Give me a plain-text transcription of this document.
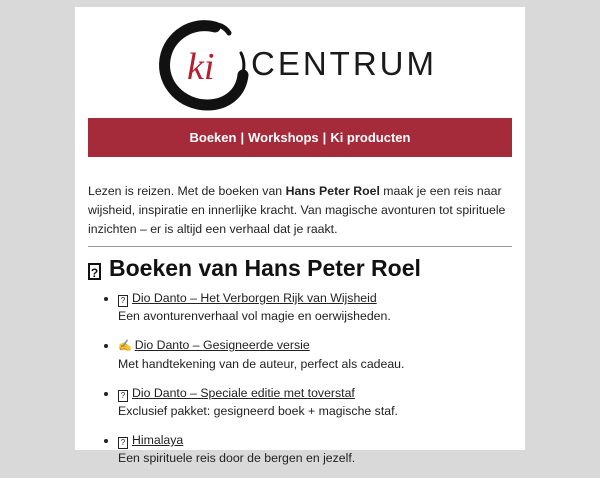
ki CENTRUM
Boeken | Workshops | Ki producten

Lezen is reizen. Met de boeken van Hans Peter Roel maak je een reis naar wijsheid, inspiratie en innerlijke kracht. Van magische avonturen tot spirituele inzichten – er is altijd een verhaal dat je raakt.

? Boeken van Hans Peter Roel
• ? Dio Danto – Het Verborgen Rijk van Wijsheid
Een avonturenverhaal vol magie en oerwijsheden.
• ✍ Dio Danto – Gesigneerde versie
Met handtekening van de auteur, perfect als cadeau.
• ? Dio Danto – Speciale editie met toverstaf
Exclusief pakket: gesigneerd boek + magische staf.
• ? Himalaya
Een spirituele reis door de bergen en jezelf.
